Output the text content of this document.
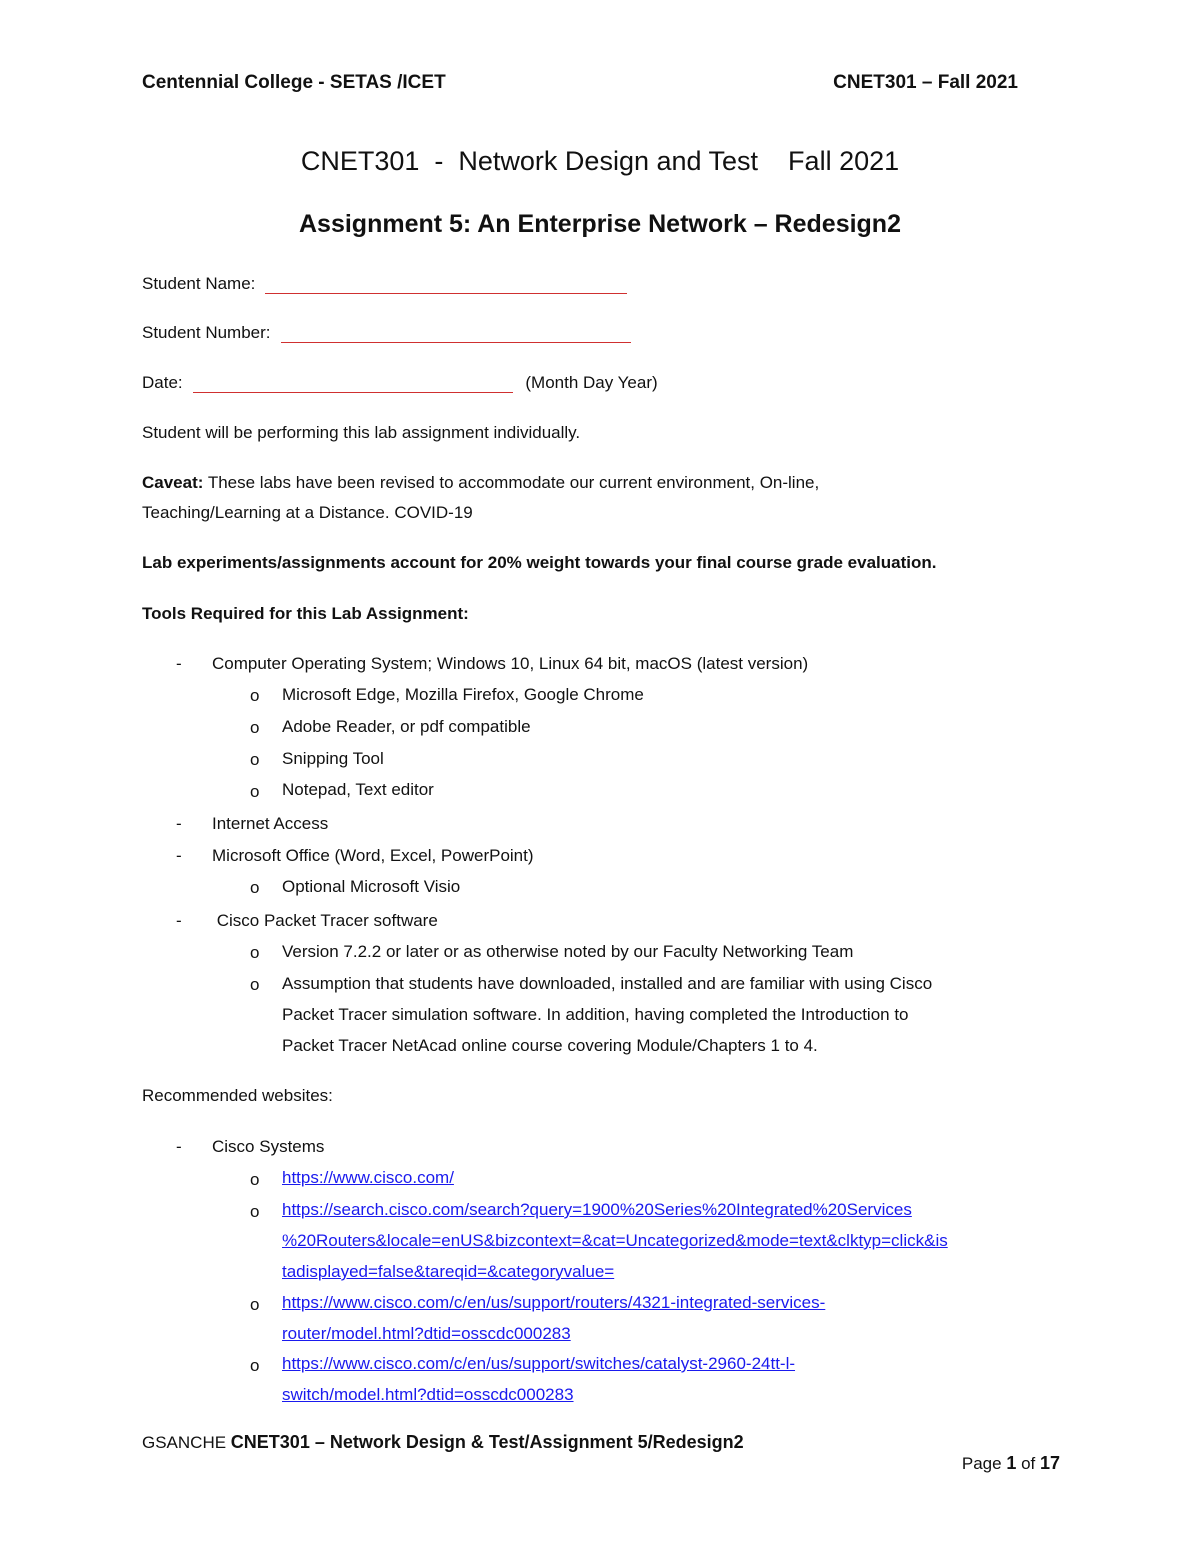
Centennial College - SETAS /ICET	CNET301 – Fall 2021
CNET301  -  Network Design and Test    Fall 2021
Assignment 5: An Enterprise Network – Redesign2
Student Name:
Student Number:
Date:	(Month Day Year)
Student will be performing this lab assignment individually.
Caveat: These labs have been revised to accommodate our current environment, On-line,
Teaching/Learning at a Distance. COVID-19
Lab experiments/assignments account for 20% weight towards your final course grade evaluation.
Tools Required for this Lab Assignment:
- Computer Operating System; Windows 10, Linux 64 bit, macOS (latest version)
o Microsoft Edge, Mozilla Firefox, Google Chrome
o Adobe Reader, or pdf compatible
o Snipping Tool
o Notepad, Text editor
- Internet Access
- Microsoft Office (Word, Excel, PowerPoint)
o Optional Microsoft Visio
- Cisco Packet Tracer software
o Version 7.2.2 or later or as otherwise noted by our Faculty Networking Team
o Assumption that students have downloaded, installed and are familiar with using Cisco
Packet Tracer simulation software. In addition, having completed the Introduction to
Packet Tracer NetAcad online course covering Module/Chapters 1 to 4.
Recommended websites:
- Cisco Systems
o https://www.cisco.com/
o https://search.cisco.com/search?query=1900%20Series%20Integrated%20Services
%20Routers&locale=enUS&bizcontext=&cat=Uncategorized&mode=text&clktyp=click&is
tadisplayed=false&tareqid=&categoryvalue=
o https://www.cisco.com/c/en/us/support/routers/4321-integrated-services-
router/model.html?dtid=osscdc000283
o https://www.cisco.com/c/en/us/support/switches/catalyst-2960-24tt-l-
switch/model.html?dtid=osscdc000283
GSANCHE CNET301 – Network Design & Test/Assignment 5/Redesign2

Page 1 of 17
